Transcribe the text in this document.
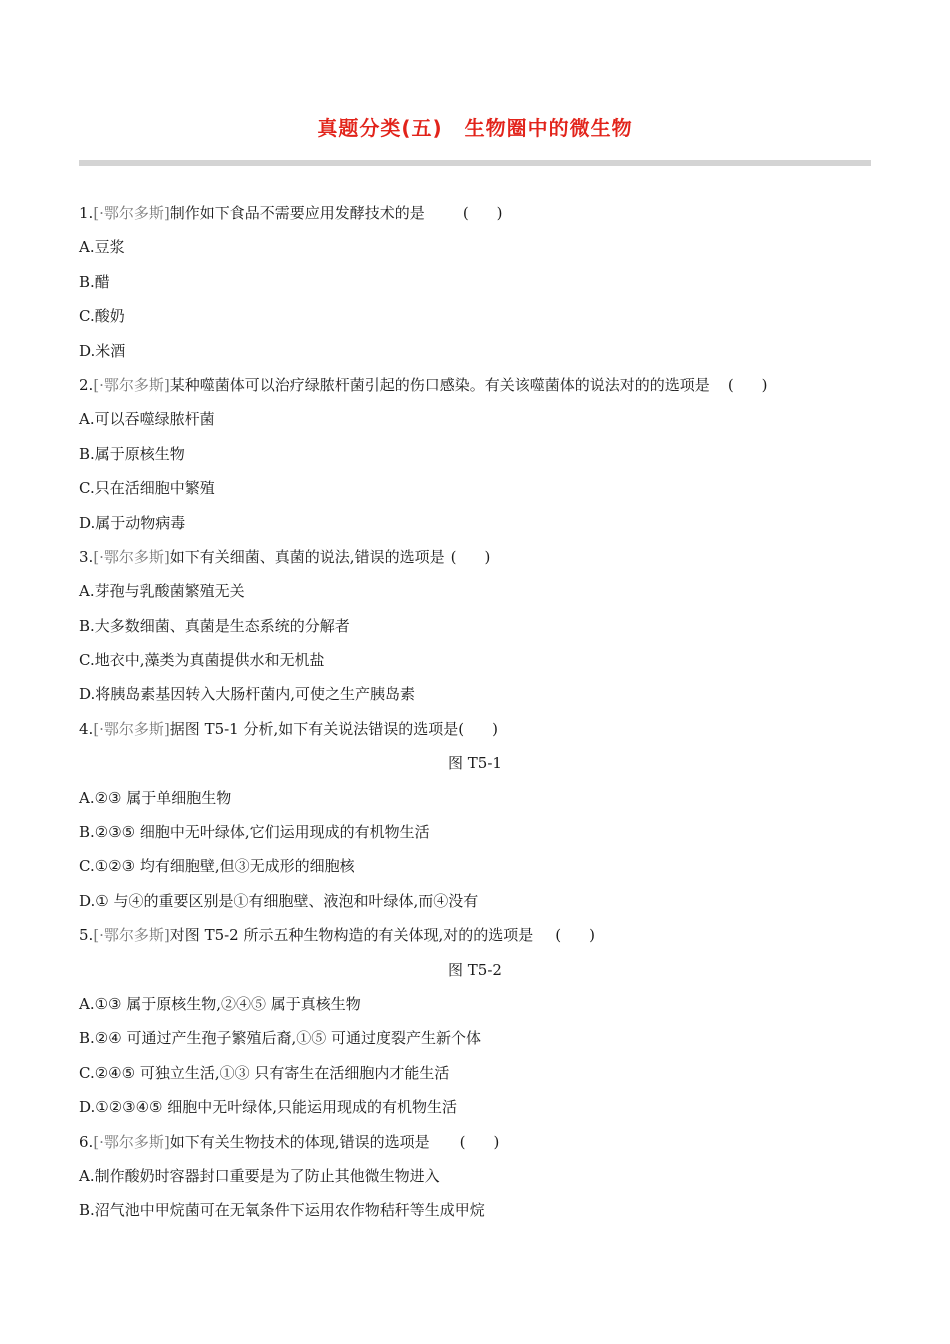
真题分类(五) 生物圈中的微生物
1.[·鄂尔多斯]制作如下食品不需要应用发酵技术的是	( )
A.豆浆
B.醋
C.酸奶
D.米酒
2.[·鄂尔多斯]某种噬菌体可以治疗绿脓杆菌引起的伤口感染。有关该噬菌体的说法对的的选项是 ( )
A.可以吞噬绿脓杆菌
B.属于原核生物
C.只在活细胞中繁殖
D.属于动物病毒
3.[·鄂尔多斯]如下有关细菌、真菌的说法,错误的选项是 ( )
A.芽孢与乳酸菌繁殖无关
B.大多数细菌、真菌是生态系统的分解者
C.地衣中,藻类为真菌提供水和无机盐
D.将胰岛素基因转入大肠杆菌内,可使之生产胰岛素
4.[·鄂尔多斯]据图 T5-1 分析,如下有关说法错误的选项是( )
图 T5-1
A.②③ 属于单细胞生物
B.②③⑤ 细胞中无叶绿体,它们运用现成的有机物生活
C.①②③ 均有细胞壁,但③无成形的细胞核
D.① 与④的重要区别是①有细胞壁、液泡和叶绿体,而④没有
5.[·鄂尔多斯]对图 T5-2 所示五种生物构造的有关体现,对的的选项是 ( )
图 T5-2
A.①③ 属于原核生物,②④⑤ 属于真核生物
B.②④ 可通过产生孢子繁殖后裔,①⑤ 可通过度裂产生新个体
C.②④⑤ 可独立生活,①③ 只有寄生在活细胞内才能生活
D.①②③④⑤ 细胞中无叶绿体,只能运用现成的有机物生活
6.[·鄂尔多斯]如下有关生物技术的体现,错误的选项是 ( )
A.制作酸奶时容器封口重要是为了防止其他微生物进入
B.沼气池中甲烷菌可在无氧条件下运用农作物秸秆等生成甲烷
